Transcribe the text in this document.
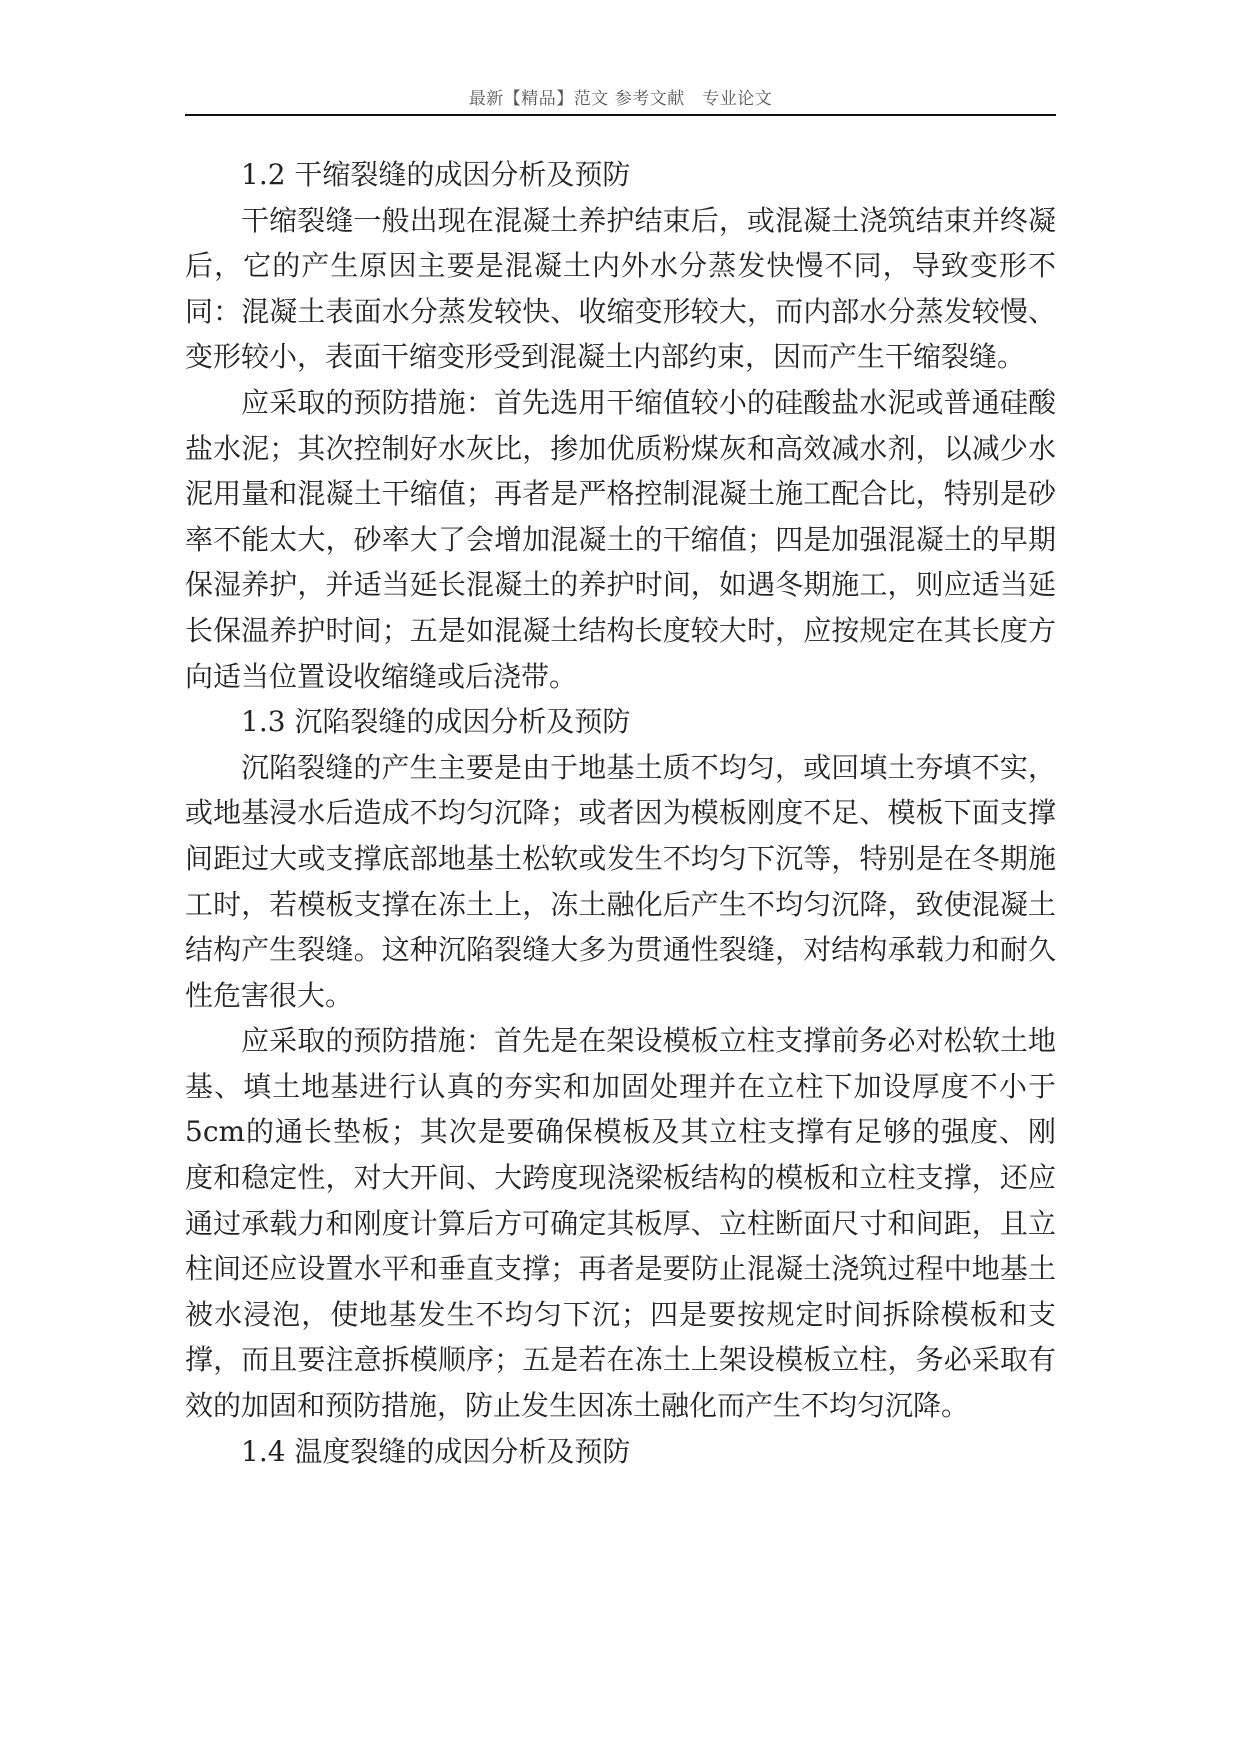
最新【精品】范文 参考文献　专业论文

1.2 干缩裂缝的成因分析及预防

干缩裂缝一般出现在混凝土养护结束后，或混凝土浇筑结束并终凝后，它的产生原因主要是混凝土内外水分蒸发快慢不同，导致变形不同：混凝土表面水分蒸发较快、收缩变形较大，而内部水分蒸发较慢、变形较小，表面干缩变形受到混凝土内部约束，因而产生干缩裂缝。

应采取的预防措施：首先选用干缩值较小的硅酸盐水泥或普通硅酸盐水泥；其次控制好水灰比，掺加优质粉煤灰和高效减水剂，以减少水泥用量和混凝土干缩值；再者是严格控制混凝土施工配合比，特别是砂率不能太大，砂率大了会增加混凝土的干缩值；四是加强混凝土的早期保湿养护，并适当延长混凝土的养护时间，如遇冬期施工，则应适当延长保温养护时间；五是如混凝土结构长度较大时，应按规定在其长度方向适当位置设收缩缝或后浇带。

1.3 沉陷裂缝的成因分析及预防

沉陷裂缝的产生主要是由于地基土质不均匀，或回填土夯填不实，或地基浸水后造成不均匀沉降；或者因为模板刚度不足、模板下面支撑间距过大或支撑底部地基土松软或发生不均匀下沉等，特别是在冬期施工时，若模板支撑在冻土上，冻土融化后产生不均匀沉降，致使混凝土结构产生裂缝。这种沉陷裂缝大多为贯通性裂缝，对结构承载力和耐久性危害很大。

应采取的预防措施：首先是在架设模板立柱支撑前务必对松软土地基、填土地基进行认真的夯实和加固处理并在立柱下加设厚度不小于5cm的通长垫板；其次是要确保模板及其立柱支撑有足够的强度、刚度和稳定性，对大开间、大跨度现浇梁板结构的模板和立柱支撑，还应通过承载力和刚度计算后方可确定其板厚、立柱断面尺寸和间距，且立柱间还应设置水平和垂直支撑；再者是要防止混凝土浇筑过程中地基土被水浸泡，使地基发生不均匀下沉；四是要按规定时间拆除模板和支撑，而且要注意拆模顺序；五是若在冻土上架设模板立柱，务必采取有效的加固和预防措施，防止发生因冻土融化而产生不均匀沉降。

1.4 温度裂缝的成因分析及预防
